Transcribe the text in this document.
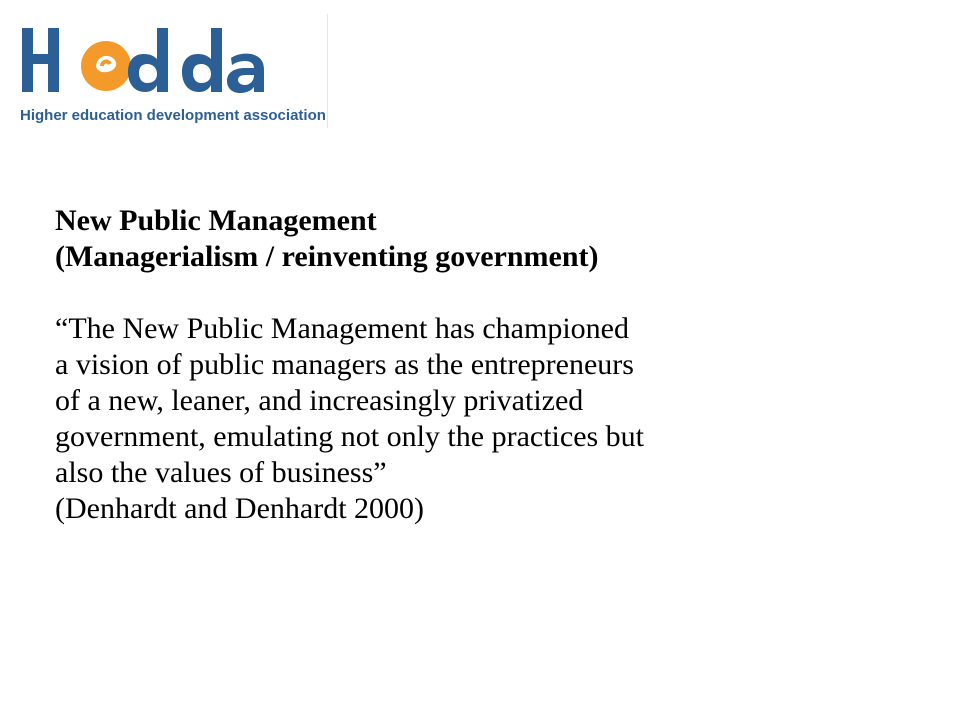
Higher education development association
New Public Management
(Managerialism / reinventing government)
“The New Public Management has championed
a vision of public managers as the entrepreneurs
of a new, leaner, and increasingly privatized
government, emulating not only the practices but
also the values of business”
(Denhardt and Denhardt 2000)
